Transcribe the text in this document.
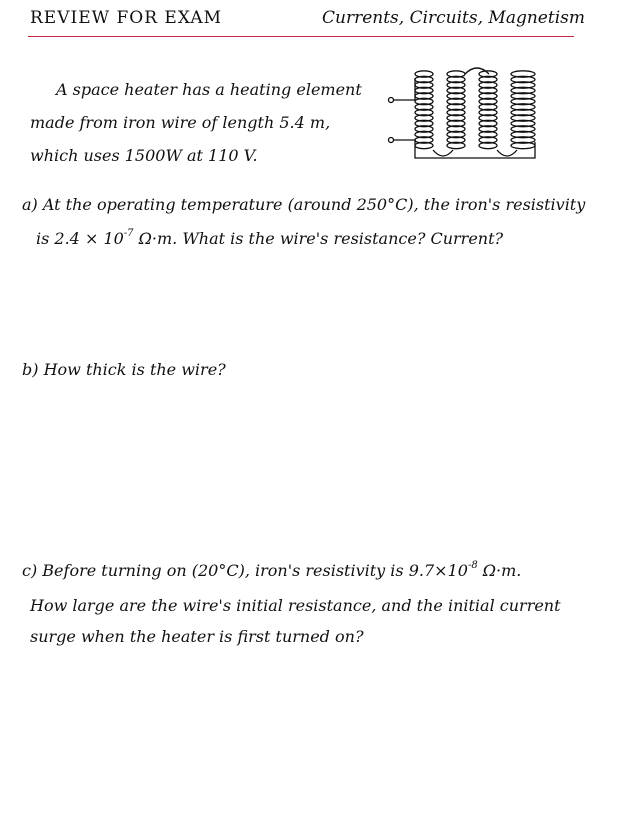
REVIEW FOR EXAM	Currents, Circuits, Magnetism
A space heater has a heating element
made from iron wire of length 5.4 m,
which uses 1500W at 110 V.
a) At the operating temperature (around 250°C), the iron's resistivity
is $2.4 \times 10^{-7}$ Ω·m. What is the wire's resistance? Current?
b) How thick is the wire?
c) Before turning on (20°C), iron's resistivity is $9.7\times 10^{-8}$ Ω·m.
How large are the wire's initial resistance, and the initial current
surge when the heater is first turned on?
